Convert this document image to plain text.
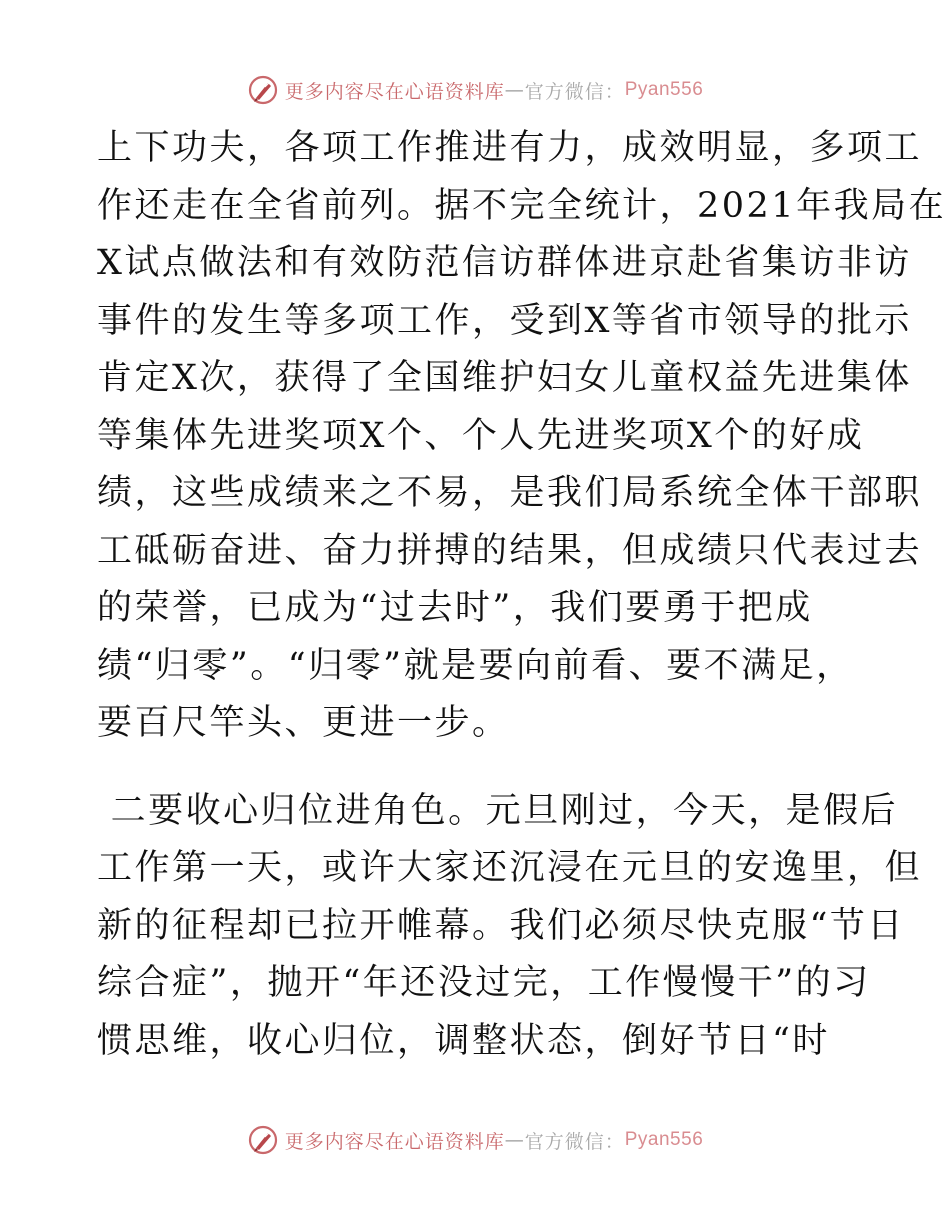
更多内容尽在心语资料库 — 官方微信： Pyan556
上下功夫，各项工作推进有力，成效明显，多项工
作还走在全省前列。据不完全统计，2021年我局在
X试点做法和有效防范信访群体进京赴省集访非访
事件的发生等多项工作，受到X等省市领导的批示
肯定X次，获得了全国维护妇女儿童权益先进集体
等集体先进奖项X个、个人先进奖项X个的好成
绩，这些成绩来之不易，是我们局系统全体干部职
工砥砺奋进、奋力拼搏的结果，但成绩只代表过去
的荣誉，已成为“过去时”，我们要勇于把成
绩“归零”。“归零”就是要向前看、要不满足，
要百尺竿头、更进一步。
二要收心归位进角色。元旦刚过，今天，是假后
工作第一天，或许大家还沉浸在元旦的安逸里，但
新的征程却已拉开帷幕。我们必须尽快克服“节日
综合症”，抛开“年还没过完，工作慢慢干”的习
惯思维，收心归位，调整状态，倒好节日“时
更多内容尽在心语资料库 — 官方微信： Pyan556
